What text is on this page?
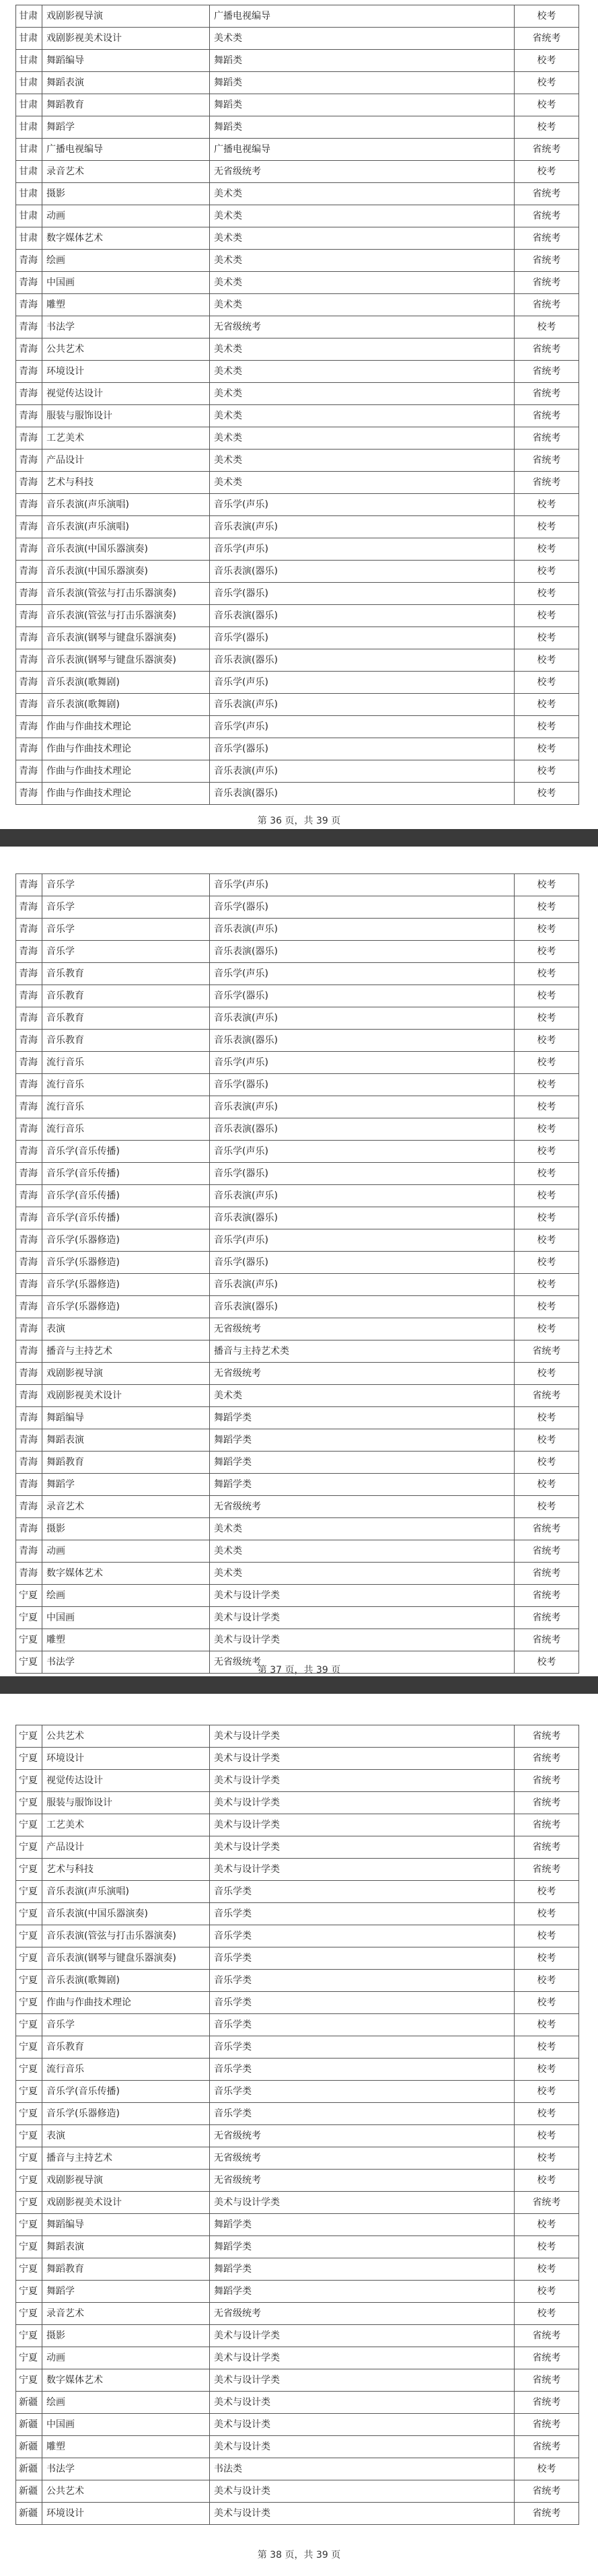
甘肃	戏剧影视导演	广播电视编导	校考
甘肃	戏剧影视美术设计	美术类	省统考
甘肃	舞蹈编导	舞蹈类	校考
甘肃	舞蹈表演	舞蹈类	校考
甘肃	舞蹈教育	舞蹈类	校考
甘肃	舞蹈学	舞蹈类	校考
甘肃	广播电视编导	广播电视编导	省统考
甘肃	录音艺术	无省级统考	校考
甘肃	摄影	美术类	省统考
甘肃	动画	美术类	省统考
甘肃	数字媒体艺术	美术类	省统考
青海	绘画	美术类	省统考
青海	中国画	美术类	省统考
青海	雕塑	美术类	省统考
青海	书法学	无省级统考	校考
青海	公共艺术	美术类	省统考
青海	环境设计	美术类	省统考
青海	视觉传达设计	美术类	省统考
青海	服装与服饰设计	美术类	省统考
青海	工艺美术	美术类	省统考
青海	产品设计	美术类	省统考
青海	艺术与科技	美术类	省统考
青海	音乐表演(声乐演唱)	音乐学(声乐)	校考
青海	音乐表演(声乐演唱)	音乐表演(声乐)	校考
青海	音乐表演(中国乐器演奏)	音乐学(声乐)	校考
青海	音乐表演(中国乐器演奏)	音乐表演(器乐)	校考
青海	音乐表演(管弦与打击乐器演奏)	音乐学(器乐)	校考
青海	音乐表演(管弦与打击乐器演奏)	音乐表演(器乐)	校考
青海	音乐表演(钢琴与键盘乐器演奏)	音乐学(器乐)	校考
青海	音乐表演(钢琴与键盘乐器演奏)	音乐表演(器乐)	校考
青海	音乐表演(歌舞剧)	音乐学(声乐)	校考
青海	音乐表演(歌舞剧)	音乐表演(声乐)	校考
青海	作曲与作曲技术理论	音乐学(声乐)	校考
青海	作曲与作曲技术理论	音乐学(器乐)	校考
青海	作曲与作曲技术理论	音乐表演(声乐)	校考
青海	作曲与作曲技术理论	音乐表演(器乐)	校考
第 36 页，共 39 页
青海	音乐学	音乐学(声乐)	校考
青海	音乐学	音乐学(器乐)	校考
青海	音乐学	音乐表演(声乐)	校考
青海	音乐学	音乐表演(器乐)	校考
青海	音乐教育	音乐学(声乐)	校考
青海	音乐教育	音乐学(器乐)	校考
青海	音乐教育	音乐表演(声乐)	校考
青海	音乐教育	音乐表演(器乐)	校考
青海	流行音乐	音乐学(声乐)	校考
青海	流行音乐	音乐学(器乐)	校考
青海	流行音乐	音乐表演(声乐)	校考
青海	流行音乐	音乐表演(器乐)	校考
青海	音乐学(音乐传播)	音乐学(声乐)	校考
青海	音乐学(音乐传播)	音乐学(器乐)	校考
青海	音乐学(音乐传播)	音乐表演(声乐)	校考
青海	音乐学(音乐传播)	音乐表演(器乐)	校考
青海	音乐学(乐器修造)	音乐学(声乐)	校考
青海	音乐学(乐器修造)	音乐学(器乐)	校考
青海	音乐学(乐器修造)	音乐表演(声乐)	校考
青海	音乐学(乐器修造)	音乐表演(器乐)	校考
青海	表演	无省级统考	校考
青海	播音与主持艺术	播音与主持艺术类	省统考
青海	戏剧影视导演	无省级统考	校考
青海	戏剧影视美术设计	美术类	省统考
青海	舞蹈编导	舞蹈学类	校考
青海	舞蹈表演	舞蹈学类	校考
青海	舞蹈教育	舞蹈学类	校考
青海	舞蹈学	舞蹈学类	校考
青海	录音艺术	无省级统考	校考
青海	摄影	美术类	省统考
青海	动画	美术类	省统考
青海	数字媒体艺术	美术类	省统考
宁夏	绘画	美术与设计学类	省统考
宁夏	中国画	美术与设计学类	省统考
宁夏	雕塑	美术与设计学类	省统考
宁夏	书法学	无省级统考	校考
第 37 页，共 39 页
宁夏	公共艺术	美术与设计学类	省统考
宁夏	环境设计	美术与设计学类	省统考
宁夏	视觉传达设计	美术与设计学类	省统考
宁夏	服装与服饰设计	美术与设计学类	省统考
宁夏	工艺美术	美术与设计学类	省统考
宁夏	产品设计	美术与设计学类	省统考
宁夏	艺术与科技	美术与设计学类	省统考
宁夏	音乐表演(声乐演唱)	音乐学类	校考
宁夏	音乐表演(中国乐器演奏)	音乐学类	校考
宁夏	音乐表演(管弦与打击乐器演奏)	音乐学类	校考
宁夏	音乐表演(钢琴与键盘乐器演奏)	音乐学类	校考
宁夏	音乐表演(歌舞剧)	音乐学类	校考
宁夏	作曲与作曲技术理论	音乐学类	校考
宁夏	音乐学	音乐学类	校考
宁夏	音乐教育	音乐学类	校考
宁夏	流行音乐	音乐学类	校考
宁夏	音乐学(音乐传播)	音乐学类	校考
宁夏	音乐学(乐器修造)	音乐学类	校考
宁夏	表演	无省级统考	校考
宁夏	播音与主持艺术	无省级统考	校考
宁夏	戏剧影视导演	无省级统考	校考
宁夏	戏剧影视美术设计	美术与设计学类	省统考
宁夏	舞蹈编导	舞蹈学类	校考
宁夏	舞蹈表演	舞蹈学类	校考
宁夏	舞蹈教育	舞蹈学类	校考
宁夏	舞蹈学	舞蹈学类	校考
宁夏	录音艺术	无省级统考	校考
宁夏	摄影	美术与设计学类	省统考
宁夏	动画	美术与设计学类	省统考
宁夏	数字媒体艺术	美术与设计学类	省统考
新疆	绘画	美术与设计类	省统考
新疆	中国画	美术与设计类	省统考
新疆	雕塑	美术与设计类	省统考
新疆	书法学	书法类	校考
新疆	公共艺术	美术与设计类	省统考
新疆	环境设计	美术与设计类	省统考
第 38 页，共 39 页
